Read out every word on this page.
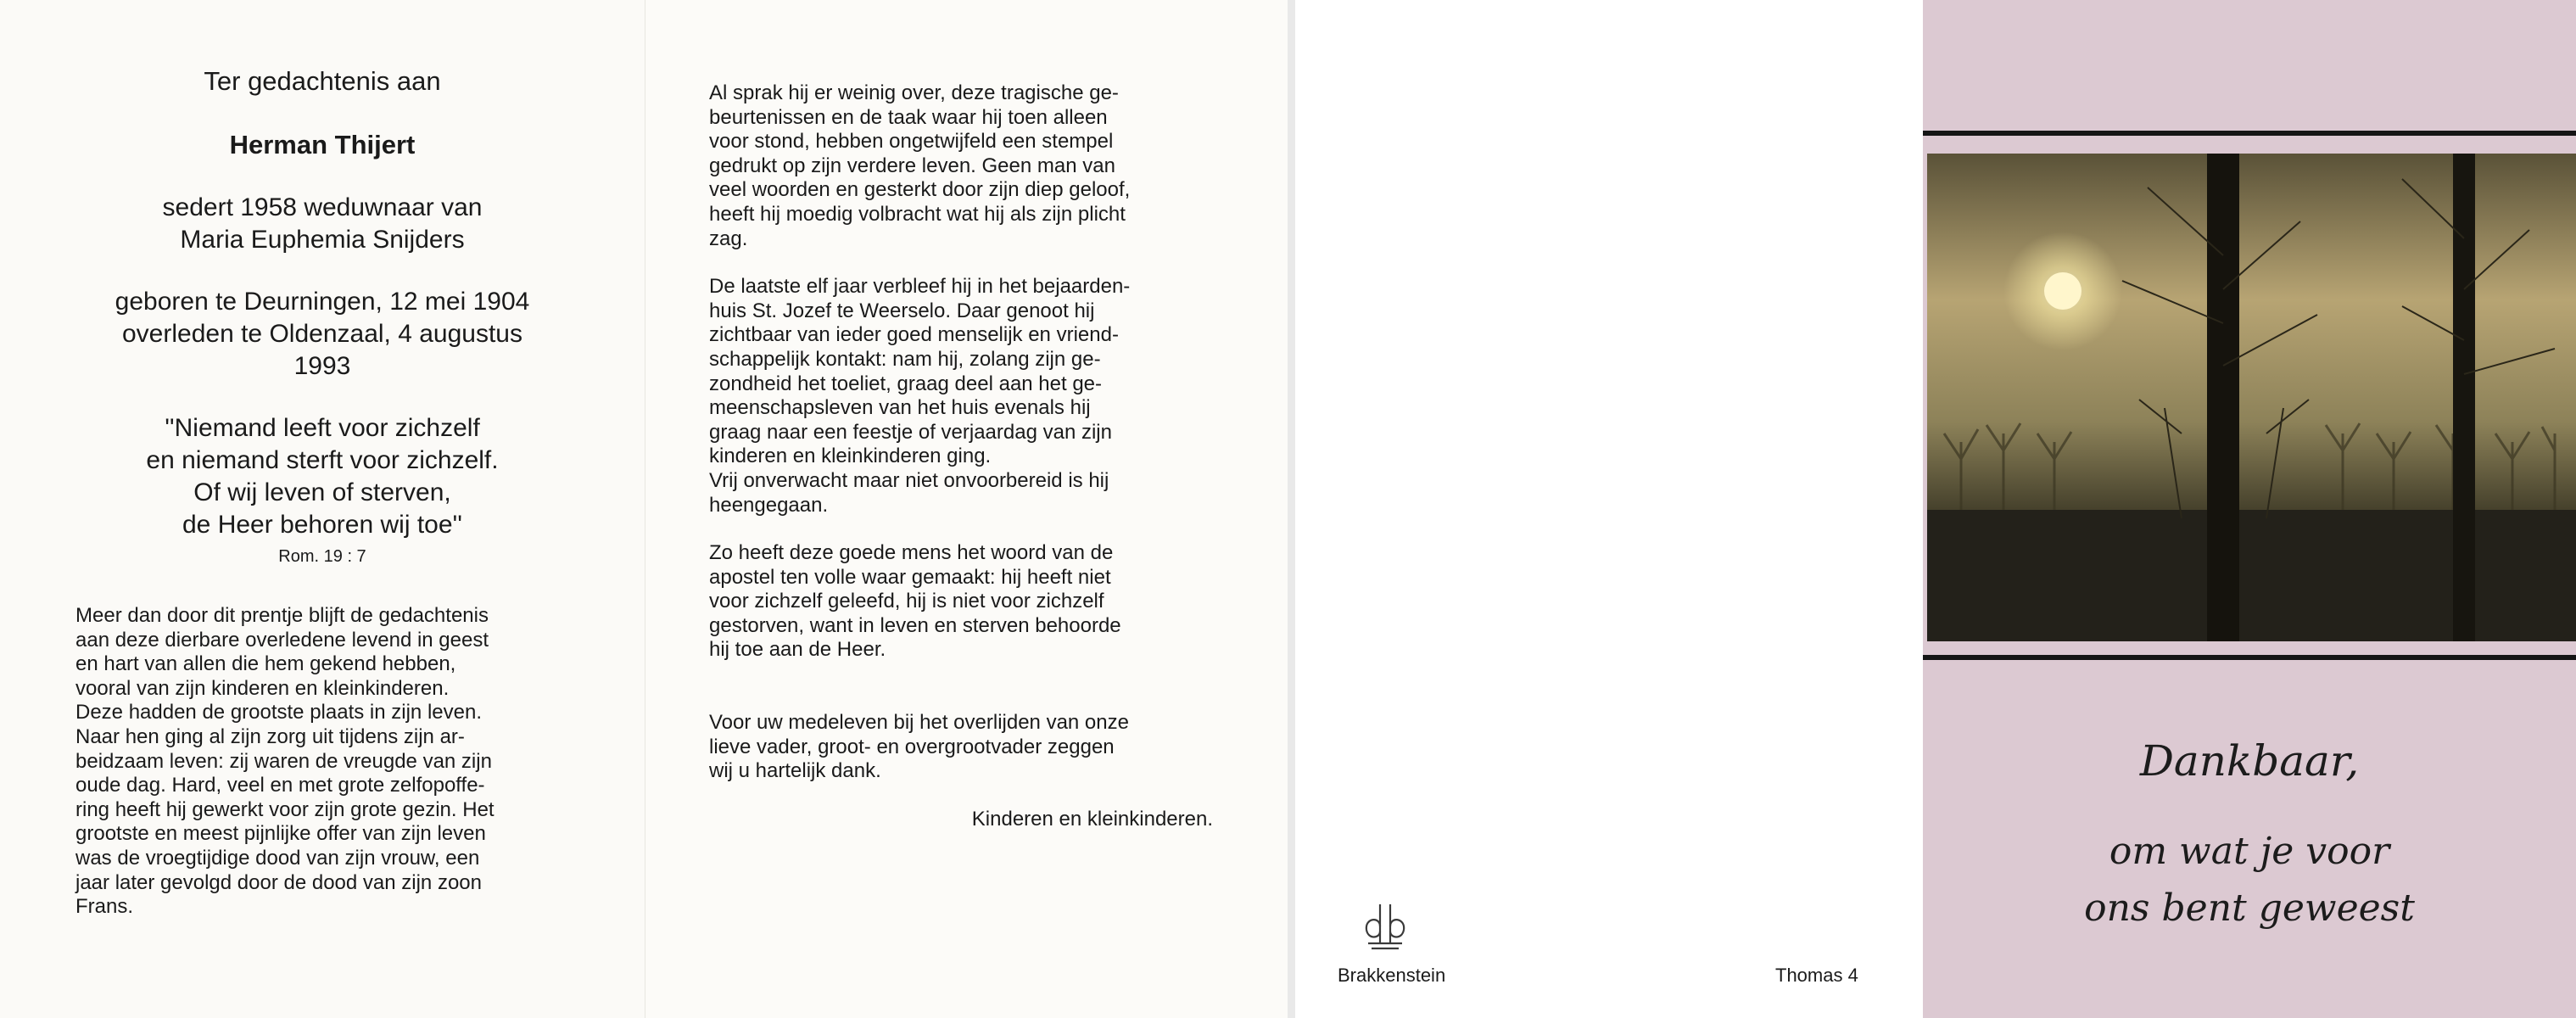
Ter gedachtenis aan
Herman Thijert
sedert 1958 weduwnaar van
Maria Euphemia Snijders
geboren te Deurningen, 12 mei 1904
overleden te Oldenzaal, 4 augustus
1993
''Niemand leeft voor zichzelf
en niemand sterft voor zichzelf.
Of wij leven of sterven,
de Heer behoren wij toe''
Rom. 19 : 7

Meer dan door dit prentje blijft de gedachtenis

aan deze dierbare overledene levend in geest

en hart van allen die hem gekend hebben,

vooral van zijn kinderen en kleinkinderen.

Deze hadden de grootste plaats in zijn leven.

Naar hen ging al zijn zorg uit tijdens zijn ar-

beidzaam leven: zij waren de vreugde van zijn

oude dag. Hard, veel en met grote zelfopoffe-

ring heeft hij gewerkt voor zijn grote gezin. Het

grootste en meest pijnlijke offer van zijn leven

was de vroegtijdige dood van zijn vrouw, een

jaar later gevolgd door de dood van zijn zoon

Frans.

Al sprak hij er weinig over, deze tragische ge-

beurtenissen en de taak waar hij toen alleen

voor stond, hebben ongetwijfeld een stempel

gedrukt op zijn verdere leven. Geen man van

veel woorden en gesterkt door zijn diep geloof,

heeft hij moedig volbracht wat hij als zijn plicht

zag.

De laatste elf jaar verbleef hij in het bejaarden-

huis St. Jozef te Weerselo. Daar genoot hij

zichtbaar van ieder goed menselijk en vriend-

schappelijk kontakt: nam hij, zolang zijn ge-

zondheid het toeliet, graag deel aan het ge-

meenschapsleven van het huis evenals hij

graag naar een feestje of verjaardag van zijn

kinderen en kleinkinderen ging.

Vrij onverwacht maar niet onvoorbereid is hij

heengegaan.

Zo heeft deze goede mens het woord van de

apostel ten volle waar gemaakt: hij heeft niet

voor zichzelf geleefd, hij is niet voor zichzelf

gestorven, want in leven en sterven behoorde

hij toe aan de Heer.

Voor uw medeleven bij het overlijden van onze

lieve vader, groot- en overgrootvader zeggen

wij u hartelijk dank.

Kinderen en kleinkinderen.

Brakkenstein	Thomas 4
Dankbaar,
om wat je voor
ons bent geweest
